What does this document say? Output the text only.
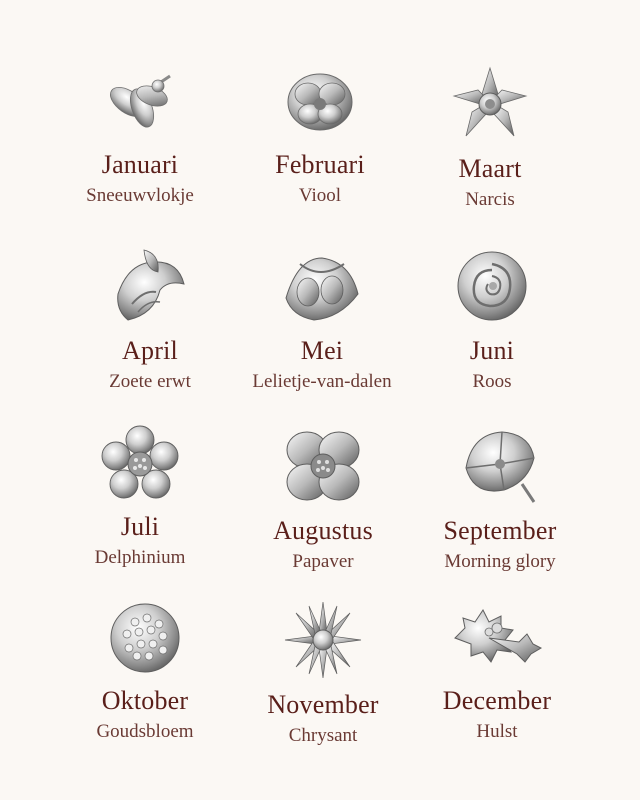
Januari
Sneeuwvlokje
Februari
Viool
Maart
Narcis
April
Zoete erwt
Mei
Lelietje-van-dalen
Juni
Roos
Juli
Delphinium
Augustus
Papaver
September
Morning glory
Oktober
Goudsbloem
November
Chrysant
December
Hulst
